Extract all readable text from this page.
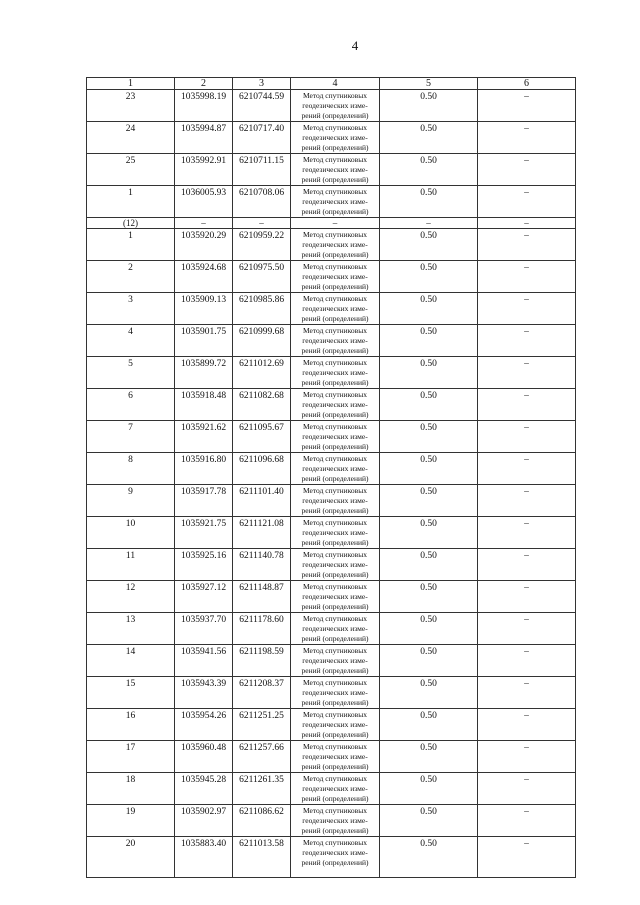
4
1	2	3	4	5	6
23	1035998.19	6210744.59	Метод спутниковых
геодезических изме-
рений (определений)	0.50	–
24	1035994.87	6210717.40	Метод спутниковых
геодезических изме-
рений (определений)	0.50	–
25	1035992.91	6210711.15	Метод спутниковых
геодезических изме-
рений (определений)	0.50	–
1	1036005.93	6210708.06	Метод спутниковых
геодезических изме-
рений (определений)	0.50	–
(12)	–	–	–	–	–
1	1035920.29	6210959.22	Метод спутниковых
геодезических изме-
рений (определений)	0.50	–
2	1035924.68	6210975.50	Метод спутниковых
геодезических изме-
рений (определений)	0.50	–
3	1035909.13	6210985.86	Метод спутниковых
геодезических изме-
рений (определений)	0.50	–
4	1035901.75	6210999.68	Метод спутниковых
геодезических изме-
рений (определений)	0.50	–
5	1035899.72	6211012.69	Метод спутниковых
геодезических изме-
рений (определений)	0.50	–
6	1035918.48	6211082.68	Метод спутниковых
геодезических изме-
рений (определений)	0.50	–
7	1035921.62	6211095.67	Метод спутниковых
геодезических изме-
рений (определений)	0.50	–
8	1035916.80	6211096.68	Метод спутниковых
геодезических изме-
рений (определений)	0.50	–
9	1035917.78	6211101.40	Метод спутниковых
геодезических изме-
рений (определений)	0.50	–
10	1035921.75	6211121.08	Метод спутниковых
геодезических изме-
рений (определений)	0.50	–
11	1035925.16	6211140.78	Метод спутниковых
геодезических изме-
рений (определений)	0.50	–
12	1035927.12	6211148.87	Метод спутниковых
геодезических изме-
рений (определений)	0.50	–
13	1035937.70	6211178.60	Метод спутниковых
геодезических изме-
рений (определений)	0.50	–
14	1035941.56	6211198.59	Метод спутниковых
геодезических изме-
рений (определений)	0.50	–
15	1035943.39	6211208.37	Метод спутниковых
геодезических изме-
рений (определений)	0.50	–
16	1035954.26	6211251.25	Метод спутниковых
геодезических изме-
рений (определений)	0.50	–
17	1035960.48	6211257.66	Метод спутниковых
геодезических изме-
рений (определений)	0.50	–
18	1035945.28	6211261.35	Метод спутниковых
геодезических изме-
рений (определений)	0.50	–
19	1035902.97	6211086.62	Метод спутниковых
геодезических изме-
рений (определений)	0.50	–
20	1035883.40	6211013.58	Метод спутниковых
геодезических изме-
рений (определений)	0.50	–
